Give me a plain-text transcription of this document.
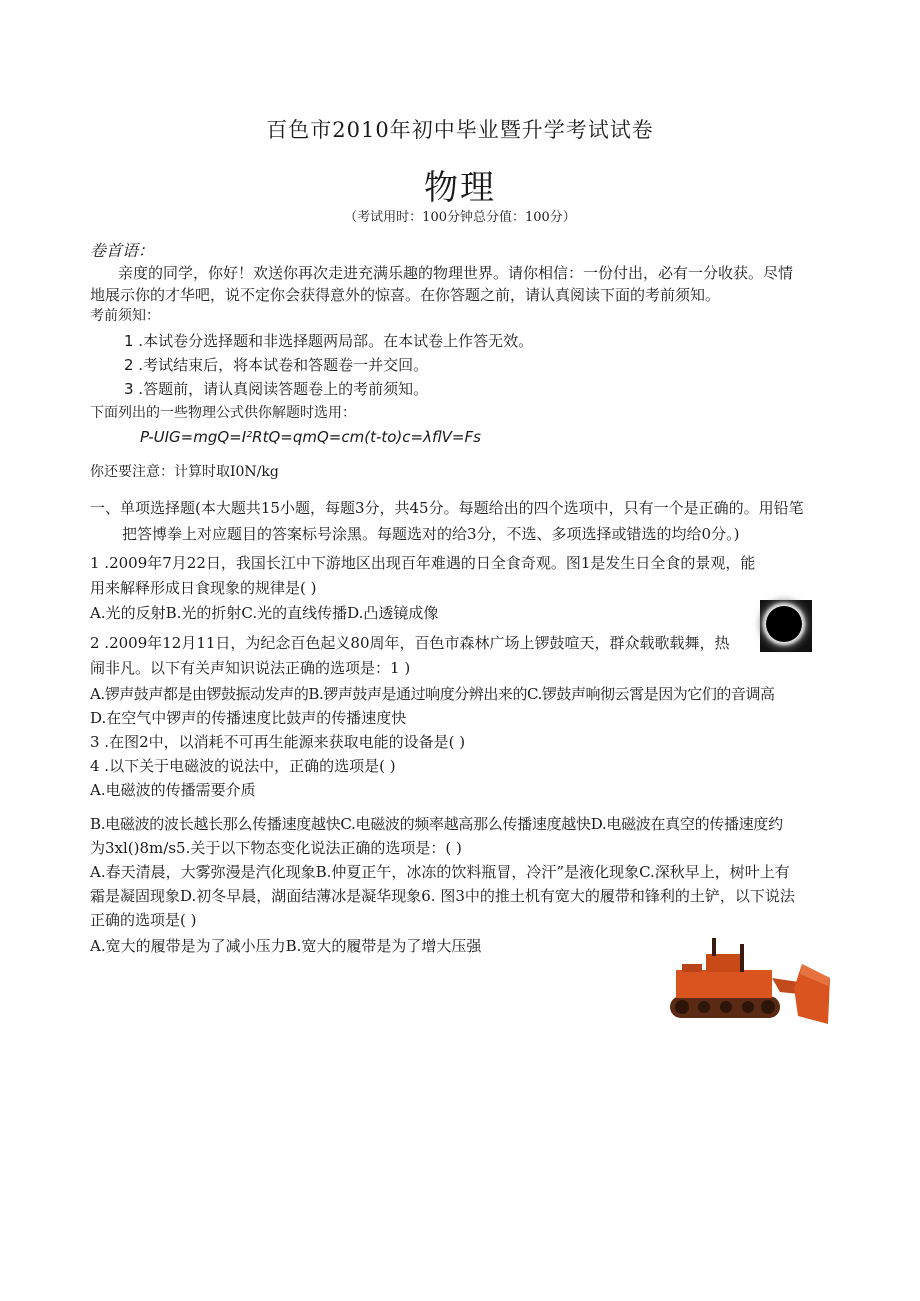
百色市2010年初中毕业暨升学考试试卷
物理
（考试用时：100分钟总分值：100分）
卷首语：
亲度的同学，你好！欢送你再次走进充满乐趣的物理世界。请你相信：一份付出，必有一分收获。尽情
地展示你的才华吧，说不定你会获得意外的惊喜。在你答题之前，请认真阅读下面的考前须知。
考前须知：
1 .本试卷分选择题和非选择题两局部。在本试卷上作答无效。
2 .考试结束后，将本试卷和答题卷一并交回。
3 .答题前，请认真阅读答题卷上的考前须知。
下面列出的一些物理公式供你解题时选用：
P-UIG=mgQ=I²RtQ=qmQ=cm(t-to)c=λflV=Fs
你还要注意：计算时取I0N∕kg
一、单项选择题(本大题共15小题，每题3分，共45分。每题给出的四个选项中，只有一个是正确的。用铅笔
把答博拳上对应题目的答案标号涂黑。每题选对的给3分，不选、多项选择或错选的均给0分。)
1 .2009年7月22日，我国长江中下游地区出现百年难遇的日全食奇观。图1是发生日全食的景观，能
用来解释形成日食现象的规律是( )
A.光的反射B.光的折射C.光的直线传播D.凸透镜成像
2 .2009年12月11日，为纪念百色起义80周年，百色市森林广场上锣鼓喧天，群众载歌载舞，热
闹非凡。以下有关声知识说法正确的选项是：1 )
A.锣声鼓声都是由锣鼓振动发声的B.锣声鼓声是通过响度分辨出来的C.锣鼓声响彻云霄是因为它们的音调高
D.在空气中锣声的传播速度比鼓声的传播速度快
3 .在图2中，以消耗不可再生能源来获取电能的设备是( )
4 .以下关于电磁波的说法中，正确的选项是( )
A.电磁波的传播需要介质
B.电磁波的波长越长那么传播速度越快C.电磁波的频率越高那么传播速度越快D.电磁波在真空的传播速度约
为3xl()8m∕s5.关于以下物态变化说法正确的选项是：( )
A.春天清晨，大雾弥漫是汽化现象B.仲夏正午，冰冻的饮料瓶冒，冷汗”是液化现象C.深秋早上，树叶上有
霜是凝固现象D.初冬早晨，湖面结薄冰是凝华现象6. 图3中的推土机有宽大的履带和锋利的土铲，以下说法
正确的选项是( )
A.宽大的履带是为了减小压力B.宽大的履带是为了增大压强
